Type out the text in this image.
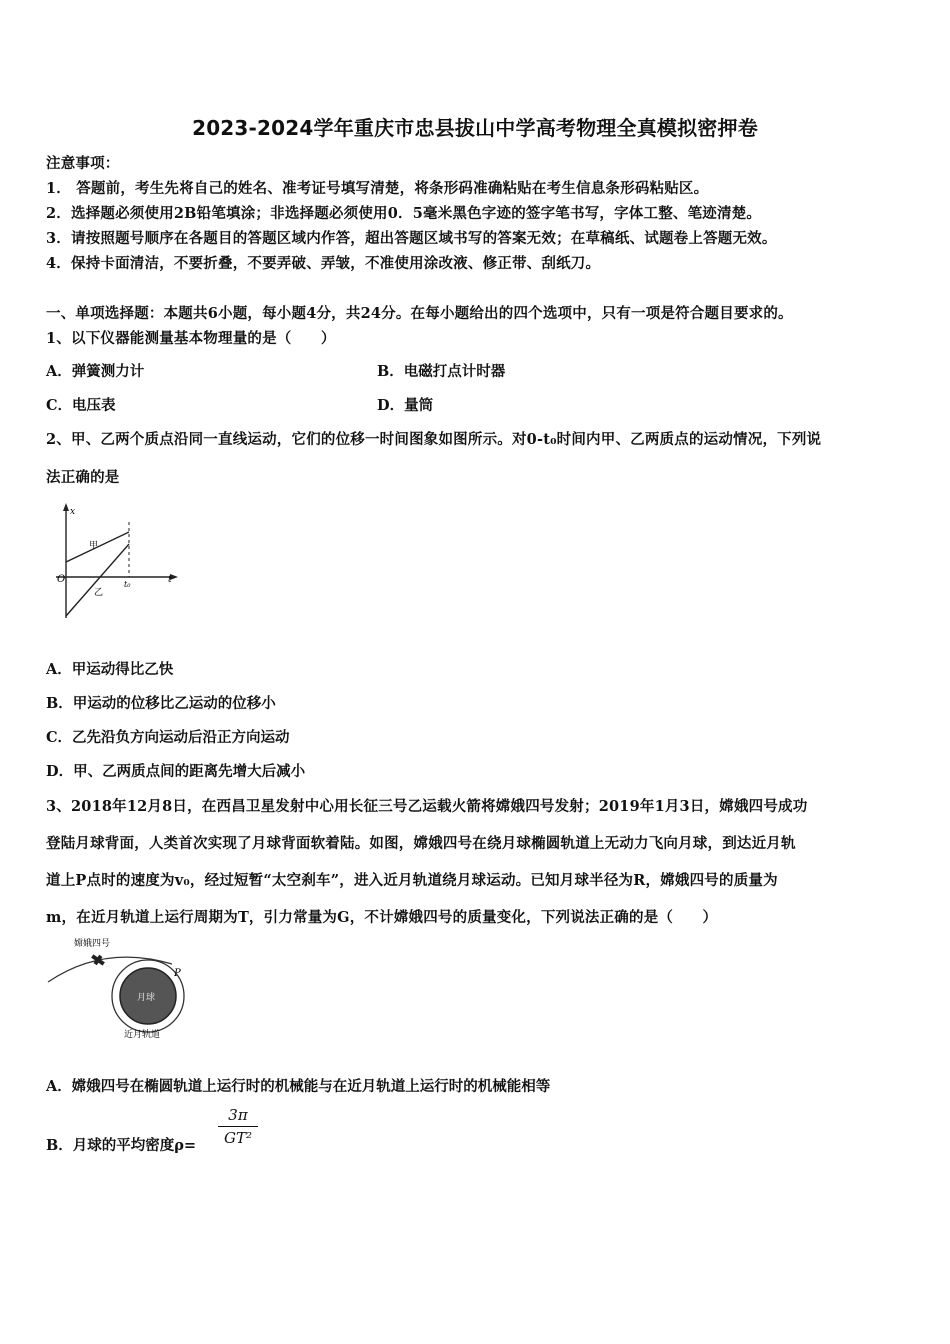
2023-2024学年重庆市忠县拔山中学高考物理全真模拟密押卷
注意事项：
1． 答题前，考生先将自己的姓名、准考证号填写清楚，将条形码准确粘贴在考生信息条形码粘贴区。
2．选择题必须使用2B铅笔填涂；非选择题必须使用0．5毫米黑色字迹的签字笔书写，字体工整、笔迹清楚。
3．请按照题号顺序在各题目的答题区域内作答，超出答题区域书写的答案无效；在草稿纸、试题卷上答题无效。
4．保持卡面清洁，不要折叠，不要弄破、弄皱，不准使用涂改液、修正带、刮纸刀。
一、单项选择题：本题共6小题，每小题4分，共24分。在每小题给出的四个选项中，只有一项是符合题目要求的。
1、以下仪器能测量基本物理量的是（　　）
A．弹簧测力计	B．电磁打点计时器
C．电压表	D．量筒
2、甲、乙两个质点沿同一直线运动，它们的位移一时间图象如图所示。对0-t₀时间内甲、乙两质点的运动情况，下列说
法正确的是
x
t
O	t₀
甲
乙
A．甲运动得比乙快
B．甲运动的位移比乙运动的位移小
C．乙先沿负方向运动后沿正方向运动
D．甲、乙两质点间的距离先增大后减小
3、2018年12月8日，在西昌卫星发射中心用长征三号乙运载火箭将嫦娥四号发射；2019年1月3日，嫦娥四号成功
登陆月球背面，人类首次实现了月球背面软着陆。如图，嫦娥四号在绕月球椭圆轨道上无动力飞向月球，到达近月轨
道上P点时的速度为v₀，经过短暂“太空刹车”，进入近月轨道绕月球运动。已知月球半径为R，嫦娥四号的质量为
m，在近月轨道上运行周期为T，引力常量为G，不计嫦娥四号的质量变化，下列说法正确的是（　　）
嫦娥四号
P
月球
近月轨道
A．嫦娥四号在椭圆轨道上运行时的机械能与在近月轨道上运行时的机械能相等
B．月球的平均密度$\rho= \frac{3\pi}{\text{GT²}}$
